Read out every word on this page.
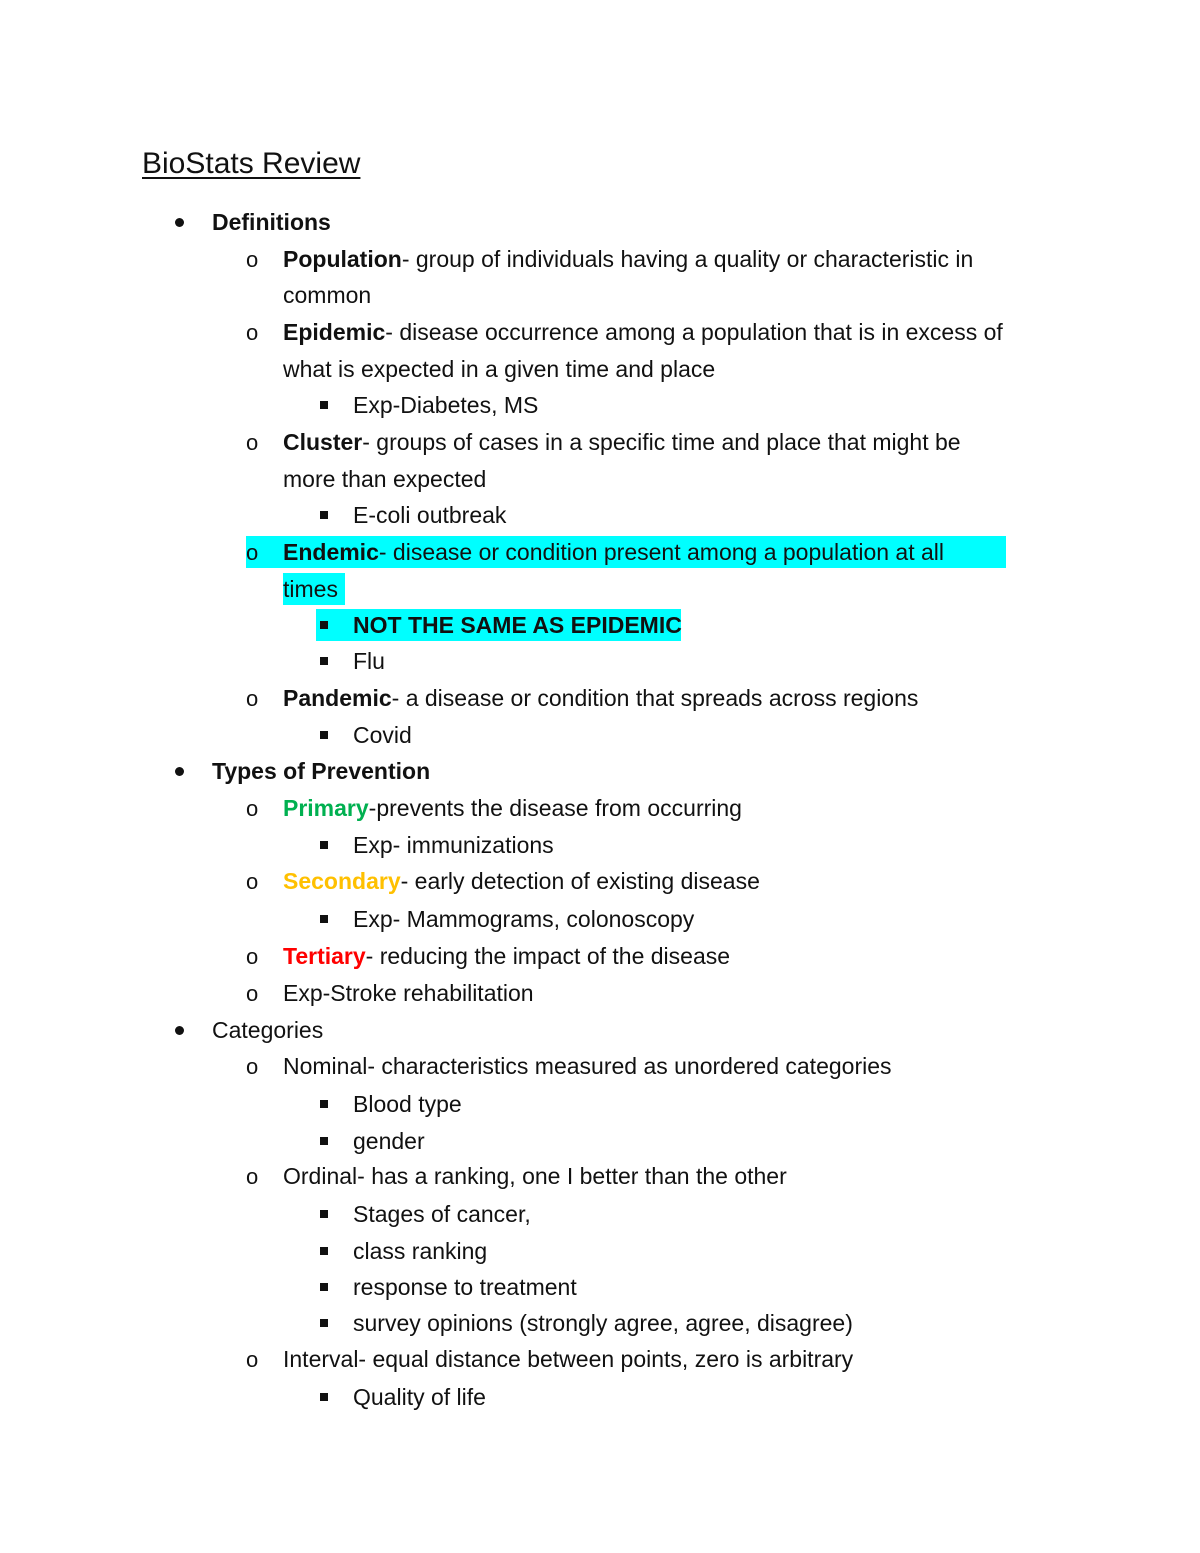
BioStats Review
Definitions
o Population- group of individuals having a quality or characteristic in
common
o Epidemic- disease occurrence among a population that is in excess of
what is expected in a given time and place
Exp-Diabetes, MS
o Cluster- groups of cases in a specific time and place that might be
more than expected
E-coli outbreak
o Endemic- disease or condition present among a population at all
times
NOT THE SAME AS EPIDEMIC
Flu
o Pandemic- a disease or condition that spreads across regions
Covid
Types of Prevention
o Primary-prevents the disease from occurring
Exp- immunizations
o Secondary- early detection of existing disease
Exp- Mammograms, colonoscopy
o Tertiary- reducing the impact of the disease
o Exp-Stroke rehabilitation
Categories
o Nominal- characteristics measured as unordered categories
Blood type
gender
o Ordinal- has a ranking, one I better than the other
Stages of cancer,
class ranking
response to treatment
survey opinions (strongly agree, agree, disagree)
o Interval- equal distance between points, zero is arbitrary
Quality of life
